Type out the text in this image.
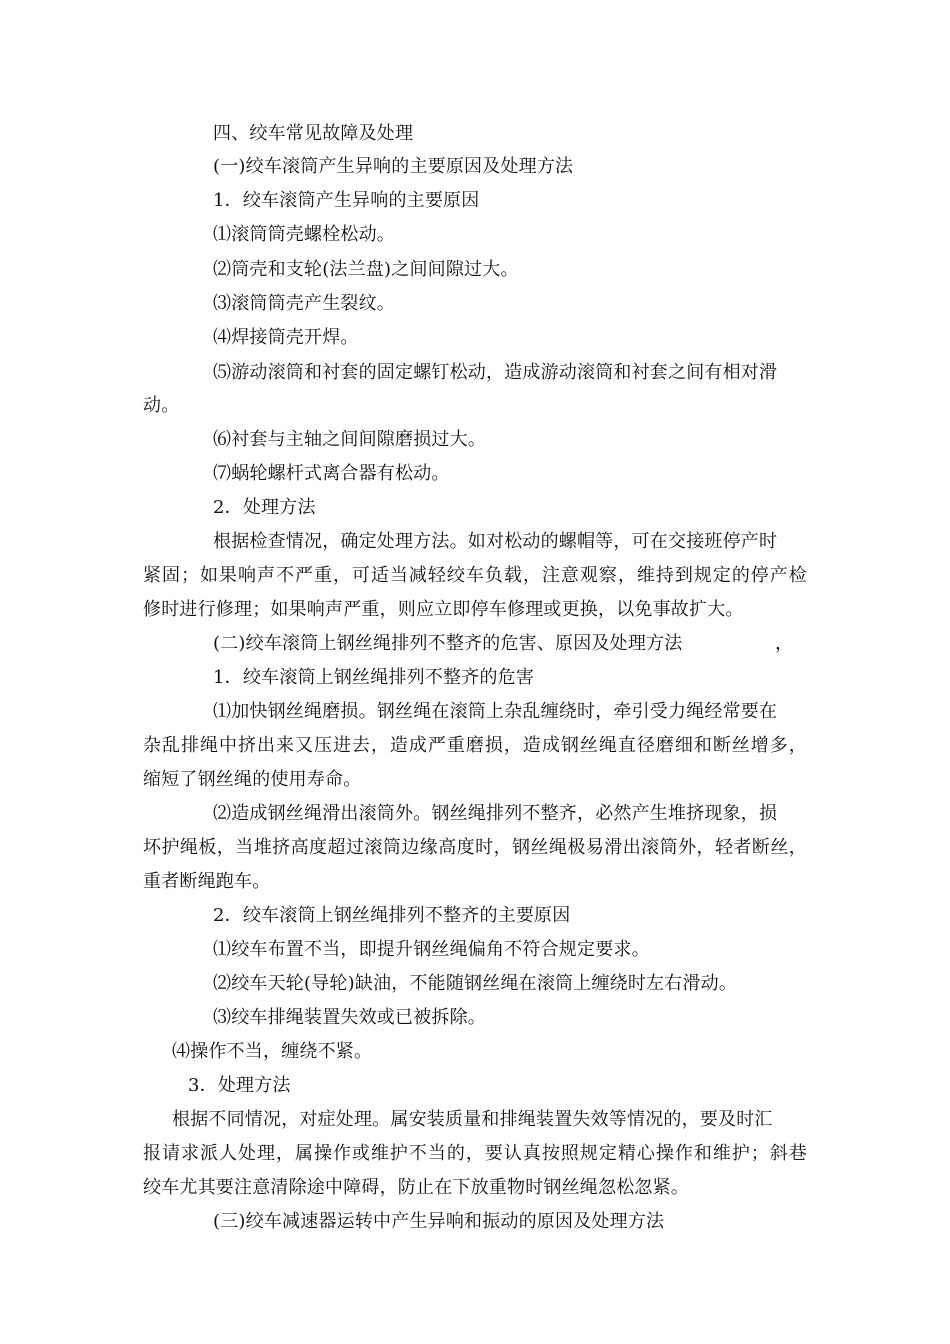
四、绞车常见故障及处理
(一)绞车滚筒产生异响的主要原因及处理方法
1．绞车滚筒产生异响的主要原因
⑴滚筒筒壳螺栓松动。
⑵筒壳和支轮(法兰盘)之间间隙过大。
⑶滚筒筒壳产生裂纹。
⑷焊接筒壳开焊。
⑸游动滚筒和衬套的固定螺钉松动，造成游动滚筒和衬套之间有相对滑
动。
⑹衬套与主轴之间间隙磨损过大。
⑺蜗轮螺杆式离合器有松动。
2．处理方法
根据检查情况，确定处理方法。如对松动的螺帽等，可在交接班停产时
紧固；如果响声不严重，可适当减轻绞车负载，注意观察，维持到规定的停产检
修时进行修理；如果响声严重，则应立即停车修理或更换，以免事故扩大。
(二)绞车滚筒上钢丝绳排列不整齐的危害、原因及处理方法	，
1．绞车滚筒上钢丝绳排列不整齐的危害
⑴加快钢丝绳磨损。钢丝绳在滚筒上杂乱缠绕时，牵引受力绳经常要在
杂乱排绳中挤出来又压进去，造成严重磨损，造成钢丝绳直径磨细和断丝增多，
缩短了钢丝绳的使用寿命。
⑵造成钢丝绳滑出滚筒外。钢丝绳排列不整齐，必然产生堆挤现象，损
坏护绳板，当堆挤高度超过滚筒边缘高度时，钢丝绳极易滑出滚筒外，轻者断丝，
重者断绳跑车。
2．绞车滚筒上钢丝绳排列不整齐的主要原因
⑴绞车布置不当，即提升钢丝绳偏角不符合规定要求。
⑵绞车天轮(导轮)缺油，不能随钢丝绳在滚筒上缠绕时左右滑动。
⑶绞车排绳装置失效或已被拆除。
⑷操作不当，缠绕不紧。
3．处理方法
根据不同情况，对症处理。属安装质量和排绳装置失效等情况的，要及时汇
报请求派人处理，属操作或维护不当的，要认真按照规定精心操作和维护；斜巷
绞车尤其要注意清除途中障碍，防止在下放重物时钢丝绳忽松忽紧。
(三)绞车减速器运转中产生异响和振动的原因及处理方法
